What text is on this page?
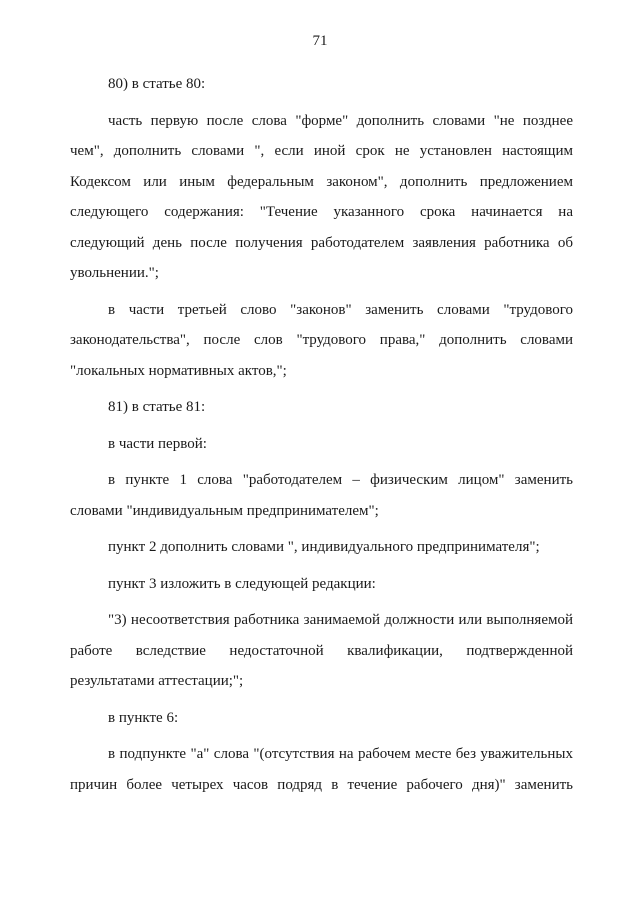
71
80) в статье 80:
часть первую после слова "форме" дополнить словами "не позднее
чем", дополнить словами ", если иной срок не установлен настоящим
Кодексом или иным федеральным законом", дополнить предложением
следующего содержания: "Течение указанного срока начинается на
следующий день после получения работодателем заявления работника об
увольнении.";
в части третьей слово "законов" заменить словами "трудового
законодательства", после слов "трудового права," дополнить словами
"локальных нормативных актов,";
81) в статье 81:
в части первой:
в пункте 1 слова "работодателем – физическим лицом" заменить
словами "индивидуальным предпринимателем";
пункт 2 дополнить словами ", индивидуального предпринимателя";
пункт 3 изложить в следующей редакции:
"3) несоответствия работника занимаемой должности или выполняемой
работе вследствие недостаточной квалификации, подтвержденной
результатами аттестации;";
в пункте 6:
в подпункте "а" слова "(отсутствия на рабочем месте без уважительных
причин более четырех часов подряд в течение рабочего дня)" заменить
